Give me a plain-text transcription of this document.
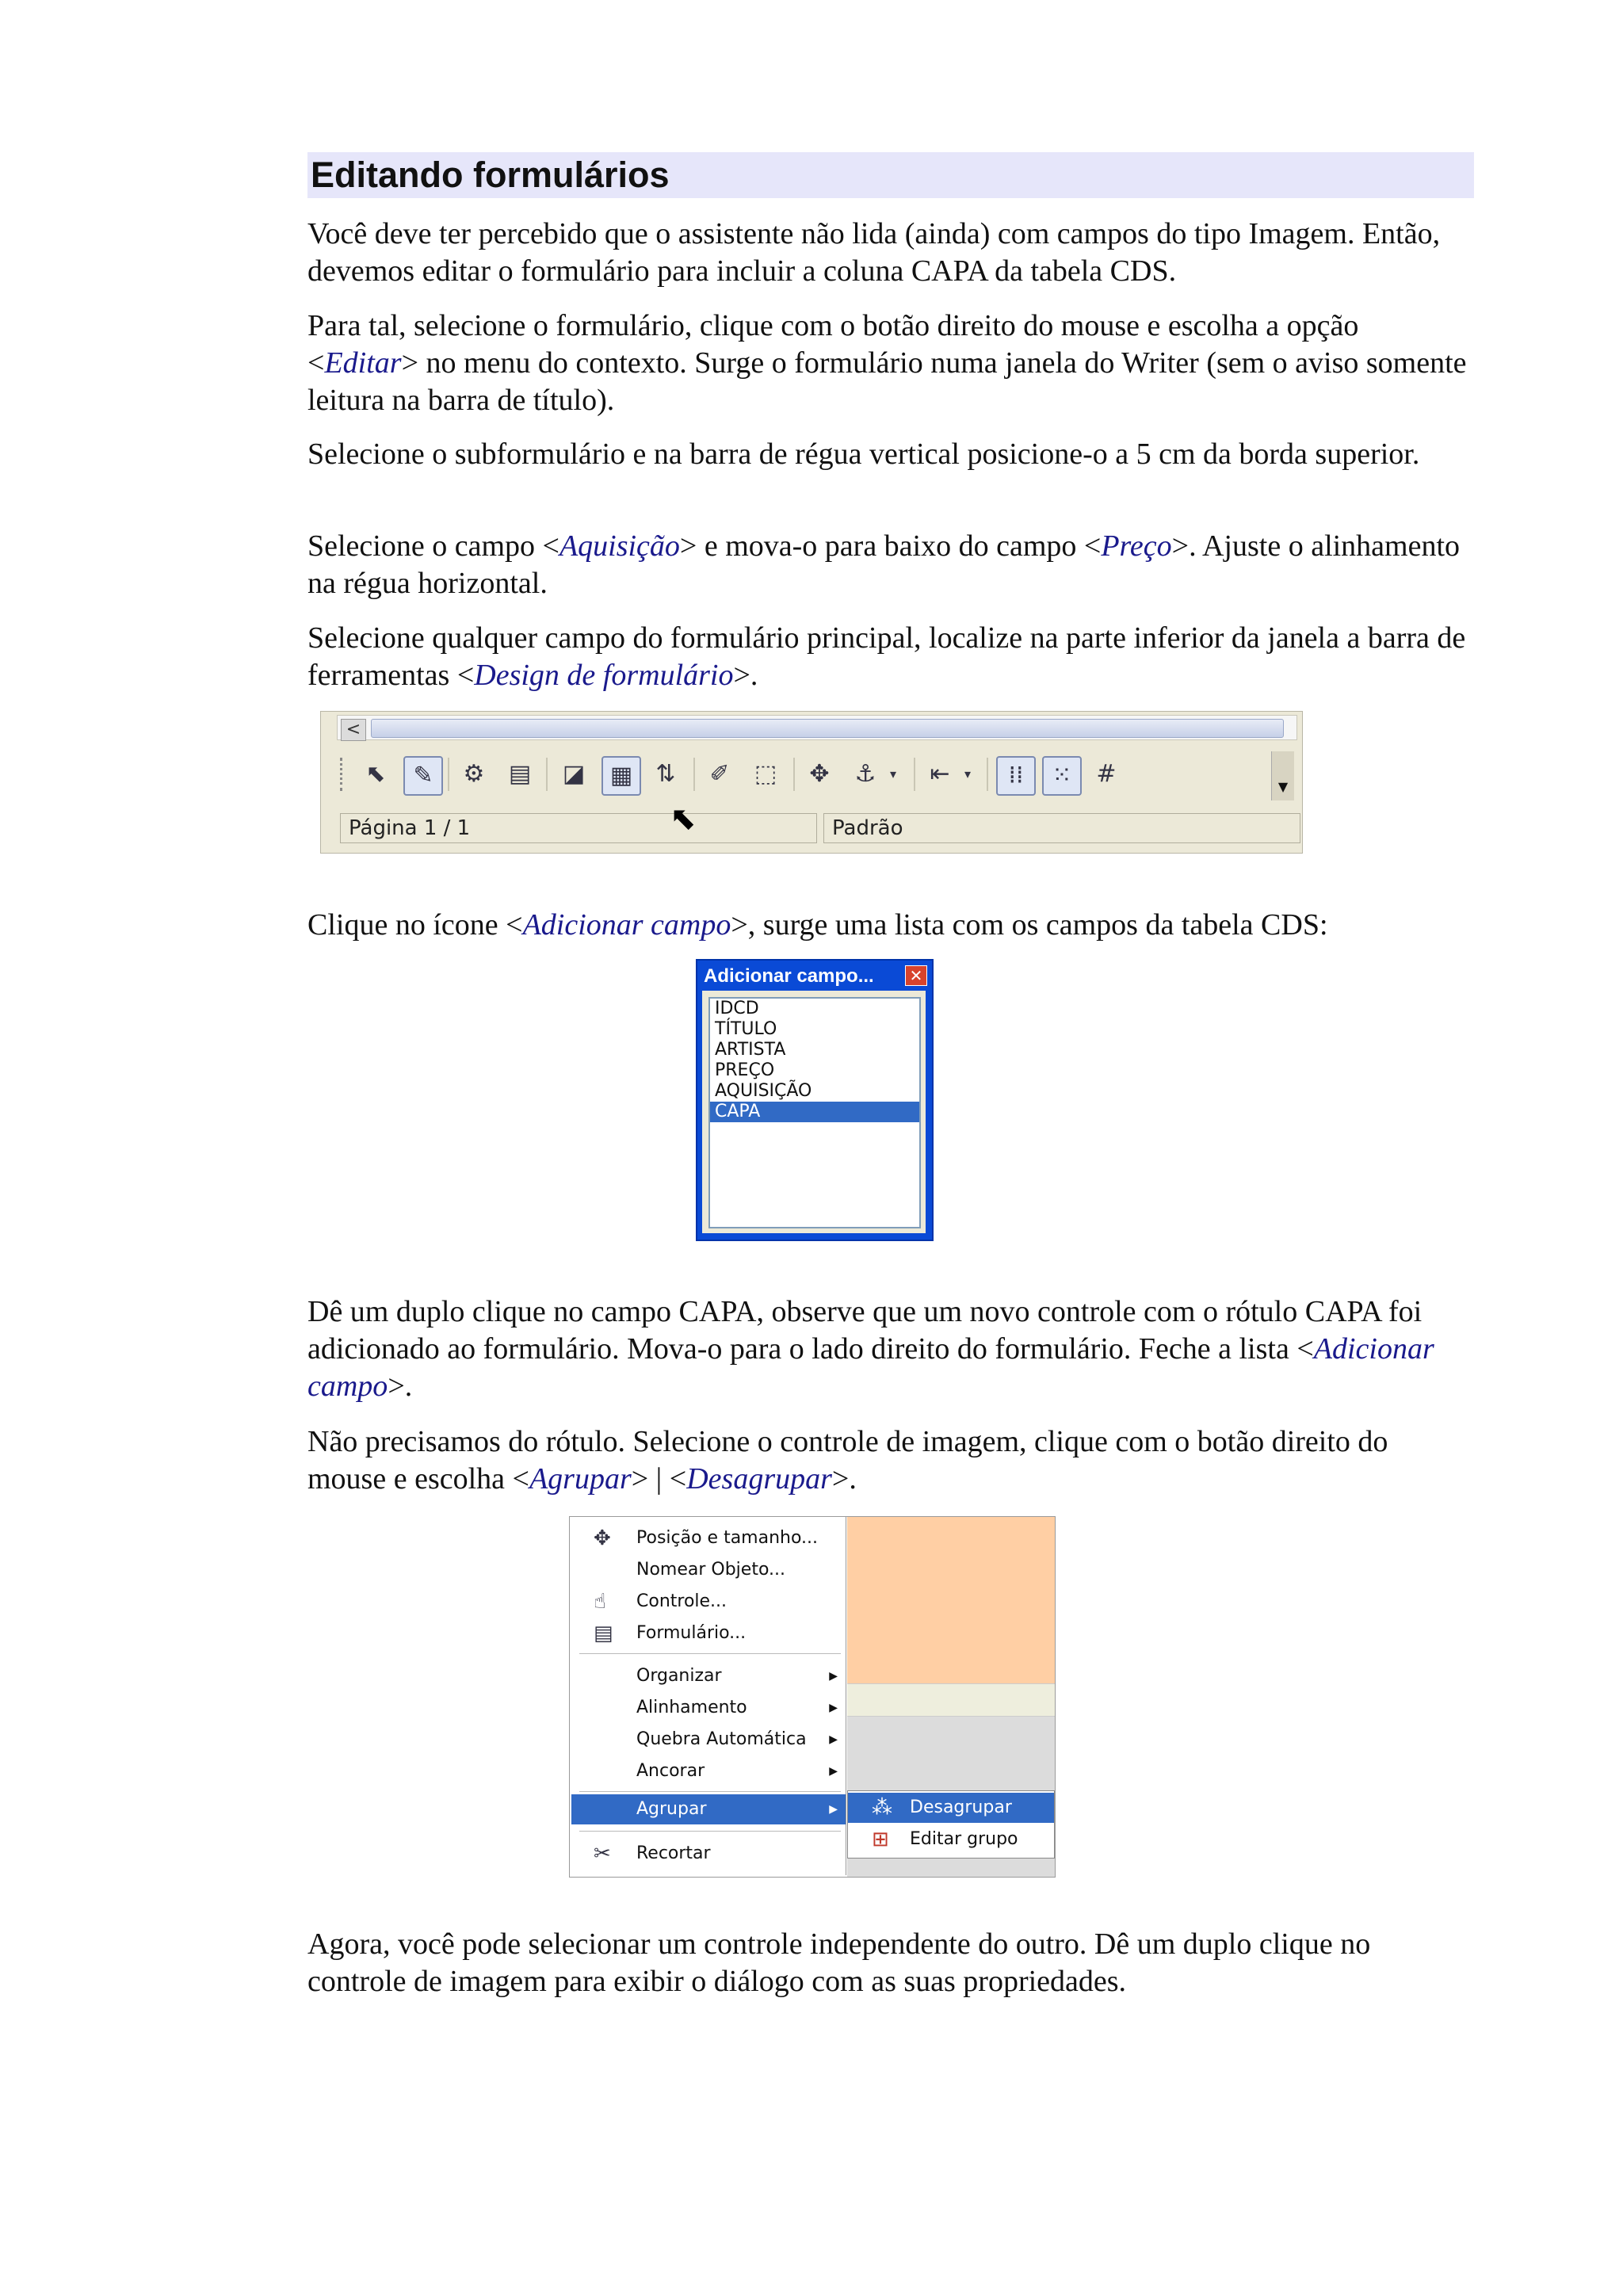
Editando formulários

Você deve ter percebido que o assistente não lida (ainda) com campos do tipo Imagem. Então, devemos editar o formulário para incluir a coluna CAPA da tabela CDS.

Para tal, selecione o formulário, clique com o botão direito do mouse e escolha a opção <Editar> no menu do contexto. Surge o formulário numa janela do Writer (sem o aviso somente leitura na barra de título).

Selecione o subformulário e na barra de régua vertical posicione-o a 5 cm da borda superior.

Selecione o campo <Aquisição> e mova-o para baixo do campo <Preço>. Ajuste o alinhamento na régua horizontal.

Selecione qualquer campo do formulário principal, localize na parte inferior da janela a barra de ferramentas <Design de formulário>.

Clique no ícone <Adicionar campo>, surge uma lista com os campos da tabela CDS:

Dê um duplo clique no campo CAPA, observe que um novo controle com o rótulo CAPA foi adicionado ao formulário. Mova-o para o lado direito do formulário. Feche a lista <Adicionar campo>.

Não precisamos do rótulo. Selecione o controle de imagem, clique com o botão direito do mouse e escolha <Agrupar> | <Desagrupar>.

Agora, você pode selecionar um controle independente do outro. Dê um duplo clique no controle de imagem para exibir o diálogo com as suas propriedades.

<
⬉	✎	⚙	▤ ◪	▦ ⇅	✐	⬚	✥	⚓	▾	⇤	▾	⁞⁞	⁙	#	▼
Página 1 / 1	Padrão
⬉
Adicionar campo... ✕
IDCD
TÍTULO
ARTISTA
PREÇO
AQUISIÇÃO
CAPA
✥ Posição e tamanho...
Nomear Objeto...
☝ Controle...
▤ Formulário...
Organizar	▶
Alinhamento	▶
Quebra Automática ▶
Ancorar	▶
Agrupar	▶
✂ Recortar
⁂ Desagrupar
⊞ Editar grupo
